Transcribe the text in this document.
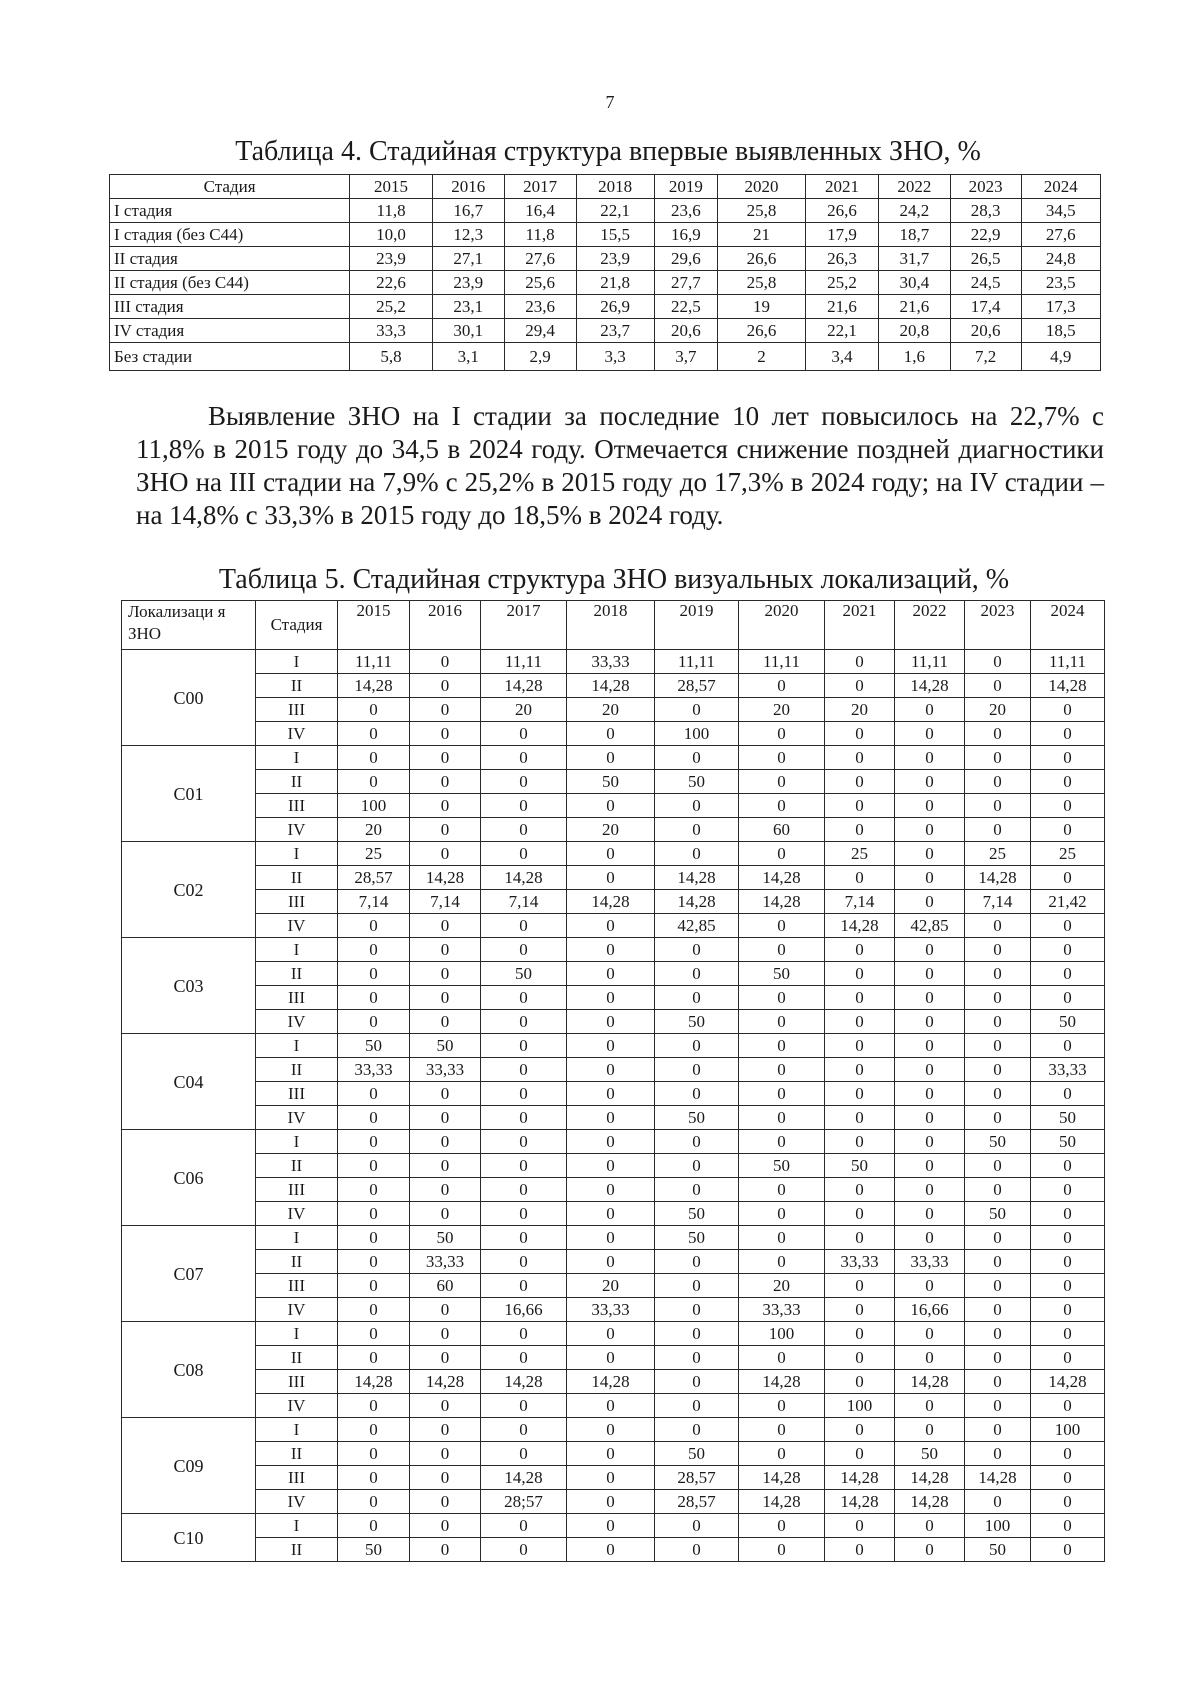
7
Таблица 4. Стадийная структура впервые выявленных ЗНО, %
Стадия	2015	2016	2017	2018	2019	2020	2021	2022	2023	2024
I стадия	11,8	16,7	16,4	22,1	23,6	25,8	26,6	24,2	28,3	34,5
I стадия (без С44)	10,0	12,3	11,8	15,5	16,9	21	17,9	18,7	22,9	27,6
II стадия	23,9	27,1	27,6	23,9	29,6	26,6	26,3	31,7	26,5	24,8
II стадия (без С44)	22,6	23,9	25,6	21,8	27,7	25,8	25,2	30,4	24,5	23,5
III стадия	25,2	23,1	23,6	26,9	22,5	19	21,6	21,6	17,4	17,3
IV стадия	33,3	30,1	29,4	23,7	20,6	26,6	22,1	20,8	20,6	18,5
Без стадии	5,8	3,1	2,9	3,3	3,7	2	3,4	1,6	7,2	4,9

Выявление ЗНО на I стадии за последние 10 лет повысилось на 22,7% с 11,8% в 2015 году до 34,5 в 2024 году. Отмечается снижение поздней диагностики ЗНО на III стадии на 7,9% с 25,2% в 2015 году до 17,3% в 2024 году; на IV стадии – на 14,8% с 33,3% в 2015 году до 18,5% в 2024 году.

Таблица 5. Стадийная структура ЗНО визуальных локализаций, %
Локализаци я ЗНО	Стадия	2015	2016	2017	2018	2019	2020	2021	2022	2023	2024
C00	I	11,11	0	11,11	33,33	11,11	11,11	0	11,11	0	11,11
	II	14,28	0	14,28	14,28	28,57	0	0	14,28	0	14,28
	III	0	0	20	20	0	20	20	0	20	0
	IV	0	0	0	0	100	0	0	0	0	0
C01	I	0	0	0	0	0	0	0	0	0	0
	II	0	0	0	50	50	0	0	0	0	0
	III	100	0	0	0	0	0	0	0	0	0
	IV	20	0	0	20	0	60	0	0	0	0
C02	I	25	0	0	0	0	0	25	0	25	25
	II	28,57	14,28	14,28	0	14,28	14,28	0	0	14,28	0
	III	7,14	7,14	7,14	14,28	14,28	14,28	7,14	0	7,14	21,42
	IV	0	0	0	0	42,85	0	14,28	42,85	0	0
C03	I	0	0	0	0	0	0	0	0	0	0
	II	0	0	50	0	0	50	0	0	0	0
	III	0	0	0	0	0	0	0	0	0	0
	IV	0	0	0	0	50	0	0	0	0	50
C04	I	50	50	0	0	0	0	0	0	0	0
	II	33,33	33,33	0	0	0	0	0	0	0	33,33
	III	0	0	0	0	0	0	0	0	0	0
	IV	0	0	0	0	50	0	0	0	0	50
C06	I	0	0	0	0	0	0	0	0	50	50
	II	0	0	0	0	0	50	50	0	0	0
	III	0	0	0	0	0	0	0	0	0	0
	IV	0	0	0	0	50	0	0	0	50	0
C07	I	0	50	0	0	50	0	0	0	0	0
	II	0	33,33	0	0	0	0	33,33	33,33	0	0
	III	0	60	0	20	0	20	0	0	0	0
	IV	0	0	16,66	33,33	0	33,33	0	16,66	0	0
C08	I	0	0	0	0	0	100	0	0	0	0
	II	0	0	0	0	0	0	0	0	0	0
	III	14,28	14,28	14,28	14,28	0	14,28	0	14,28	0	14,28
	IV	0	0	0	0	0	0	100	0	0	0
C09	I	0	0	0	0	0	0	0	0	0	100
	II	0	0	0	0	50	0	0	50	0	0
	III	0	0	14,28	0	28,57	14,28	14,28	14,28	14,28	0
	IV	0	0	28;57	0	28,57	14,28	14,28	14,28	0	0
C10	I	0	0	0	0	0	0	0	0	100	0
	II	50	0	0	0	0	0	0	0	50	0
